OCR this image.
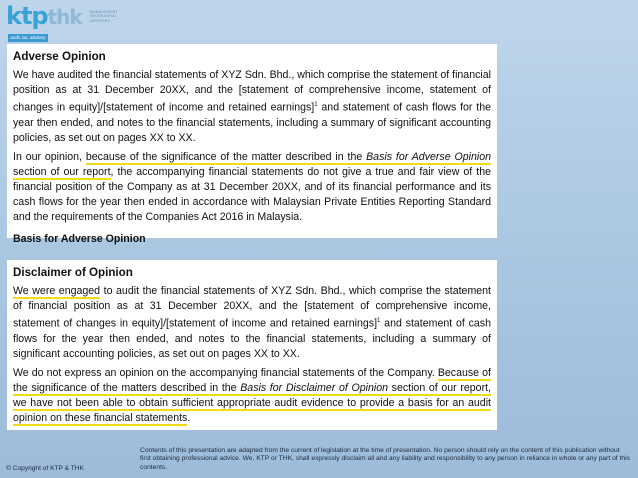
ktpthk MANAGEMENT
SECRETARIAL
ADVISORS
audit, tax, advisory
Adverse Opinion

We have audited the financial statements of XYZ Sdn. Bhd., which comprise the statement of financial position as at 31 December 20XX, and the [statement of comprehensive income, statement of changes in equity]/[statement of income and retained earnings]$^1$ and statement of cash flows for the year then ended, and notes to the financial statements, including a summary of significant accounting policies, as set out on pages XX to XX.

In our opinion, because of the significance of the matter described in the Basis for Adverse Opinion section of our report, the accompanying financial statements do not give a true and fair view of the financial position of the Company as at 31 December 20XX, and of its financial performance and its cash flows for the year then ended in accordance with Malaysian Private Entities Reporting Standard and the requirements of the Companies Act 2016 in Malaysia.

Basis for Adverse Opinion
Disclaimer of Opinion

We were engaged to audit the financial statements of XYZ Sdn. Bhd., which comprise the statement of financial position as at 31 December 20XX, and the [statement of comprehensive income, statement of changes in equity]/[statement of income and retained earnings]$^1$ and statement of cash flows for the year then ended, and notes to the financial statements, including a summary of significant accounting policies, as set out on pages XX to XX.

We do not express an opinion on the accompanying financial statements of the Company. Because of the significance of the matters described in the Basis for Disclaimer of Opinion section of our report, we have not been able to obtain sufficient appropriate audit evidence to provide a basis for an audit opinion on these financial statements.

© Copyright of KTP & THK
Contents of this presentation are adapted from the current of legislation at the time of presentation. No person should rely on the content of this publication without first obtaining professional advice. We, KTP or THK, shall expressly disclaim all and any liability and responsibility to any person in reliance in whole or any part of this contents.
